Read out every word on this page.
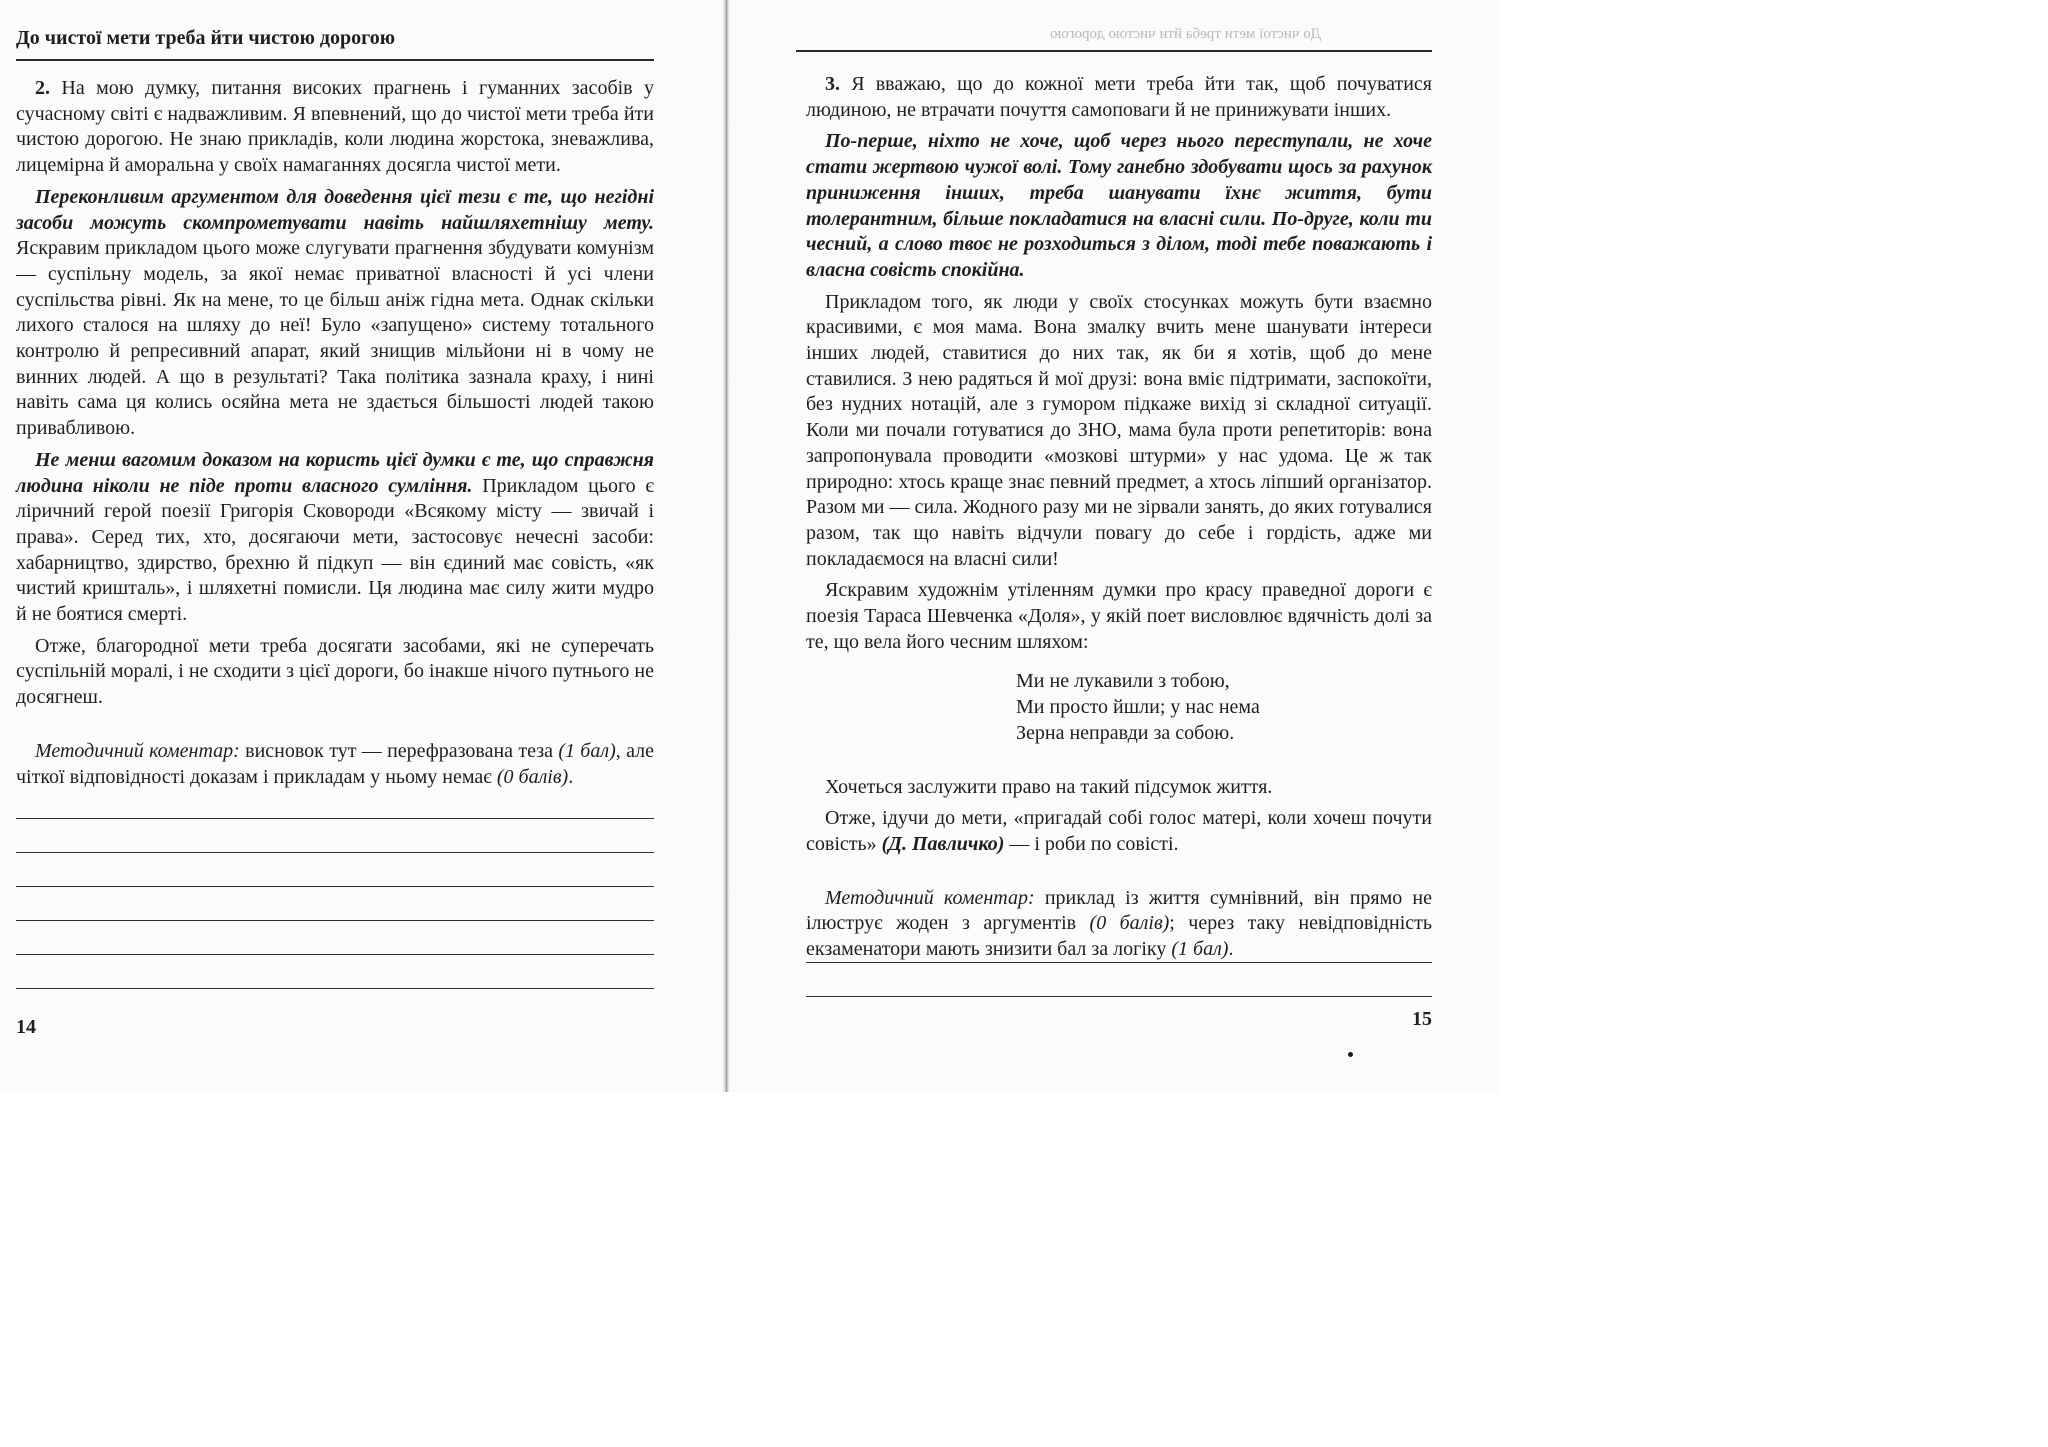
До чистої мети треба йти чистою дорогою

2. На мою думку, питання високих прагнень і гуманних засобів у сучасному світі є надважливим. Я впевнений, що до чистої мети треба йти чистою дорогою. Не знаю прикладів, коли людина жорстока, зневажлива, лицемірна й аморальна у своїх намаганнях досягла чистої мети.

Переконливим аргументом для доведення цієї тези є те, що негідні засоби можуть скомпрометувати навіть найшляхетнішу мету. Яскравим прикладом цього може слугувати прагнення збудувати комунізм — суспільну модель, за якої немає приватної власності й усі члени суспільства рівні. Як на мене, то це більш аніж гідна мета. Однак скільки лихого сталося на шляху до неї! Було «запущено» систему тотального контролю й репресивний апарат, який знищив мільйони ні в чому не винних людей. А що в результаті? Така політика зазнала краху, і нині навіть сама ця колись осяйна мета не здається більшості людей такою привабливою.

Не менш вагомим доказом на користь цієї думки є те, що справжня людина ніколи не піде проти власного сумління. Прикладом цього є ліричний герой поезії Григорія Сковороди «Всякому місту — звичай і права». Серед тих, хто, досягаючи мети, застосовує нечесні засоби: хабарництво, здирство, брехню й підкуп — він єдиний має совість, «як чистий кришталь», і шляхетні помисли. Ця людина має силу жити мудро й не боятися смерті.

Отже, благородної мети треба досягати засобами, які не суперечать суспільній моралі, і не сходити з цієї дороги, бо інакше нічого путнього не досягнеш.

Методичний коментар: висновок тут — перефразована теза (1 бал), але чіткої відповідності доказам і прикладам у ньому немає (0 балів).

14
До чистої мети треба йти чистою дорогою

3. Я вважаю, що до кожної мети треба йти так, щоб почуватися людиною, не втрачати почуття самоповаги й не принижувати інших.

По-перше, ніхто не хоче, щоб через нього переступали, не хоче стати жертвою чужої волі. Тому ганебно здобувати щось за рахунок приниження інших, треба шанувати їхнє життя, бути толерантним, більше покладатися на власні сили. По-друге, коли ти чесний, а слово твоє не розходиться з ділом, тоді тебе поважають і власна совість спокійна.

Прикладом того, як люди у своїх стосунках можуть бути взаємно красивими, є моя мама. Вона змалку вчить мене шанувати інтереси інших людей, ставитися до них так, як би я хотів, щоб до мене ставилися. З нею радяться й мої друзі: вона вміє підтримати, заспокоїти, без нудних нотацій, але з гумором підкаже вихід зі складної ситуації. Коли ми почали готуватися до ЗНО, мама була проти репетиторів: вона запропонувала проводити «мозкові штурми» у нас удома. Це ж так природно: хтось краще знає певний предмет, а хтось ліпший організатор. Разом ми — сила. Жодного разу ми не зірвали занять, до яких готувалися разом, так що навіть відчули повагу до себе і гордість, адже ми покладаємося на власні сили!

Яскравим художнім утіленням думки про красу праведної дороги є поезія Тараса Шевченка «Доля», у якій поет висловлює вдячність долі за те, що вела його чесним шляхом:

Ми не лукавили з тобою,
Ми просто йшли; у нас нема
Зерна неправди за собою.

Хочеться заслужити право на такий підсумок життя.

Отже, ідучи до мети, «пригадай собі голос матері, коли хочеш почути совість» (Д. Павличко) — і роби по совісті.

Методичний коментар: приклад із життя сумнівний, він прямо не ілюструє жоден з аргументів (0 балів); через таку невідповідність екзаменатори мають знизити бал за логіку (1 бал).

15
